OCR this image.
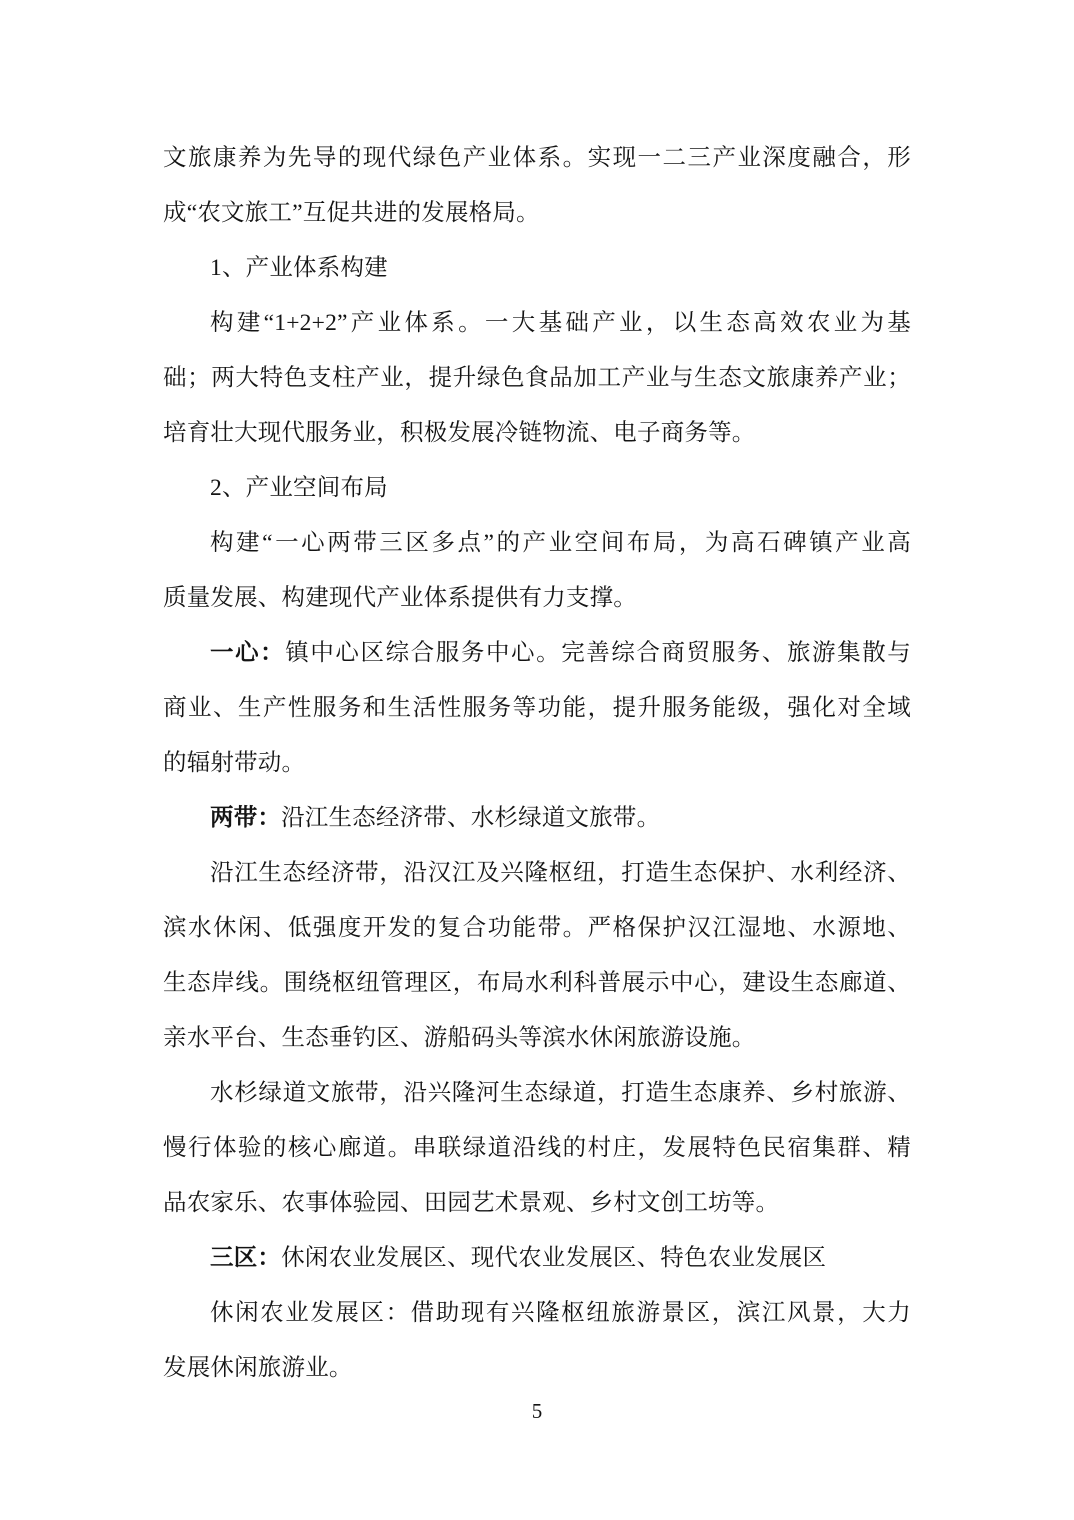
文旅康养为先导的现代绿色产业体系。实现一二三产业深度融合，形
成“农文旅工”互促共进的发展格局。
1、产业体系构建
构建“1+2+2”产业体系。一大基础产业，以生态高效农业为基
础；两大特色支柱产业，提升绿色食品加工产业与生态文旅康养产业；
培育壮大现代服务业，积极发展冷链物流、电子商务等。
2、产业空间布局
构建“一心两带三区多点”的产业空间布局，为高石碑镇产业高
质量发展、构建现代产业体系提供有力支撑。
一心：镇中心区综合服务中心。完善综合商贸服务、旅游集散与
商业、生产性服务和生活性服务等功能，提升服务能级，强化对全域
的辐射带动。
两带：沿江生态经济带、水杉绿道文旅带。
沿江生态经济带，沿汉江及兴隆枢纽，打造生态保护、水利经济、
滨水休闲、低强度开发的复合功能带。严格保护汉江湿地、水源地、
生态岸线。围绕枢纽管理区，布局水利科普展示中心，建设生态廊道、
亲水平台、生态垂钓区、游船码头等滨水休闲旅游设施。
水杉绿道文旅带，沿兴隆河生态绿道，打造生态康养、乡村旅游、
慢行体验的核心廊道。串联绿道沿线的村庄，发展特色民宿集群、精
品农家乐、农事体验园、田园艺术景观、乡村文创工坊等。
三区：休闲农业发展区、现代农业发展区、特色农业发展区
休闲农业发展区：借助现有兴隆枢纽旅游景区，滨江风景，大力
发展休闲旅游业。
5
